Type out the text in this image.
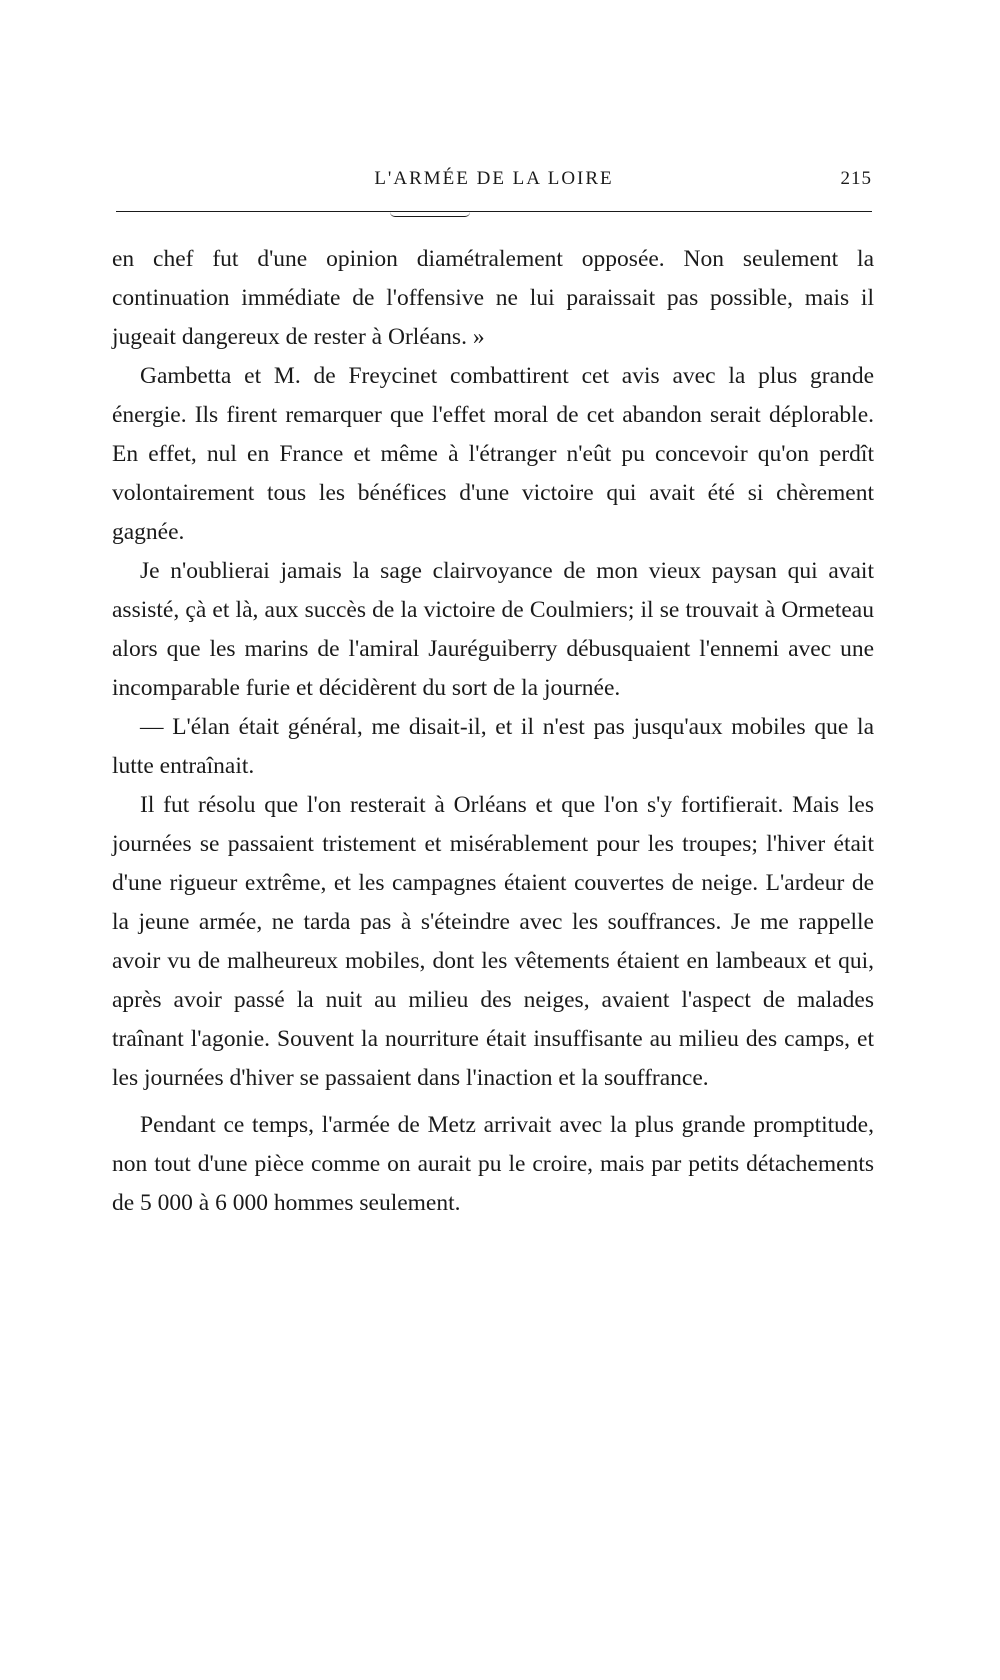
L'ARMÉE DE LA LOIRE	215

en chef fut d'une opinion diamétralement opposée. Non seulement la continuation immédiate de l'offensive ne lui paraissait pas possible, mais il jugeait dangereux de rester à Orléans. »

Gambetta et M. de Freycinet combattirent cet avis avec la plus grande énergie. Ils firent remarquer que l'effet moral de cet abandon serait déplorable. En effet, nul en France et même à l'étranger n'eût pu concevoir qu'on perdît volontairement tous les bénéfices d'une victoire qui avait été si chèrement gagnée.

Je n'oublierai jamais la sage clairvoyance de mon vieux paysan qui avait assisté, çà et là, aux succès de la victoire de Coulmiers; il se trouvait à Ormeteau alors que les marins de l'amiral Jauréguiberry débusquaient l'ennemi avec une incomparable furie et décidèrent du sort de la journée.

— L'élan était général, me disait-il, et il n'est pas jusqu'aux mobiles que la lutte entraînait.

Il fut résolu que l'on resterait à Orléans et que l'on s'y fortifierait. Mais les journées se passaient tristement et misérablement pour les troupes; l'hiver était d'une rigueur extrême, et les campagnes étaient couvertes de neige. L'ardeur de la jeune armée, ne tarda pas à s'éteindre avec les souffrances. Je me rappelle avoir vu de malheureux mobiles, dont les vêtements étaient en lambeaux et qui, après avoir passé la nuit au milieu des neiges, avaient l'aspect de malades traînant l'agonie. Souvent la nourriture était insuffisante au milieu des camps, et les journées d'hiver se passaient dans l'inaction et la souffrance.

Pendant ce temps, l'armée de Metz arrivait avec la plus grande promptitude, non tout d'une pièce comme on aurait pu le croire, mais par petits détachements de 5 000 à 6 000 hommes seulement.
